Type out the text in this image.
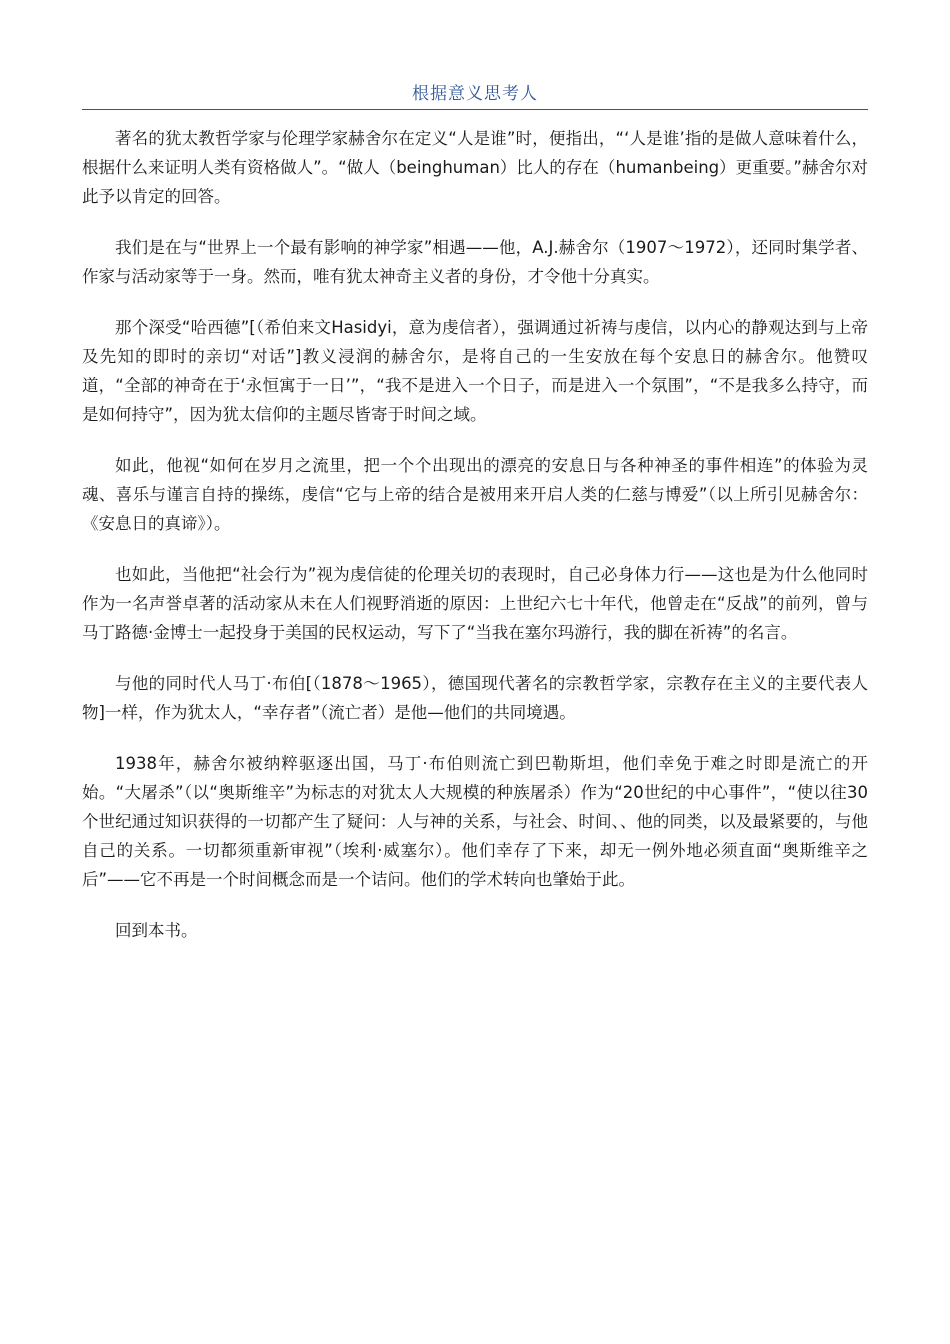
根据意义思考人

著名的犹太教哲学家与伦理学家赫舍尔在定义“人是谁”时，便指出，“‘人是谁’指的是做人意味着什么，根据什么来证明人类有资格做人”。“做人（beinghuman）比人的存在（humanbeing）更重要。”赫舍尔对此予以肯定的回答。

我们是在与“世界上一个最有影响的神学家”相遇——他，A.J.赫舍尔（1907～1972），还同时集学者、作家与活动家等于一身。然而，唯有犹太神奇主义者的身份，才令他十分真实。

那个深受“哈西德”[（希伯来文Hasidyi，意为虔信者），强调通过祈祷与虔信，以内心的静观达到与上帝及先知的即时的亲切“对话”]教义浸润的赫舍尔，是将自己的一生安放在每个安息日的赫舍尔。他赞叹道，“全部的神奇在于‘永恒寓于一日’”，“我不是进入一个日子，而是进入一个氛围”，“不是我多么持守，而是如何持守”，因为犹太信仰的主题尽皆寄于时间之域。

如此，他视“如何在岁月之流里，把一个个出现出的漂亮的安息日与各种神圣的事件相连”的体验为灵魂、喜乐与谨言自持的操练，虔信“它与上帝的结合是被用来开启人类的仁慈与博爱”（以上所引见赫舍尔：《安息日的真谛》）。

也如此，当他把“社会行为”视为虔信徒的伦理关切的表现时，自己必身体力行——这也是为什么他同时作为一名声誉卓著的活动家从未在人们视野消逝的原因：上世纪六七十年代，他曾走在“反战”的前列，曾与马丁路德·金博士一起投身于美国的民权运动，写下了“当我在塞尔玛游行，我的脚在祈祷”的名言。

与他的同时代人马丁·布伯[（1878～1965），德国现代著名的宗教哲学家，宗教存在主义的主要代表人物]一样，作为犹太人，“幸存者”（流亡者）是他—他们的共同境遇。

1938年，赫舍尔被纳粹驱逐出国，马丁·布伯则流亡到巴勒斯坦，他们幸免于难之时即是流亡的开始。“大屠杀”（以“奥斯维辛”为标志的对犹太人大规模的种族屠杀）作为“20世纪的中心事件”，“使以往30个世纪通过知识获得的一切都产生了疑问：人与神的关系，与社会、时间、、他的同类，以及最紧要的，与他自己的关系。一切都须重新审视”（埃利·威塞尔）。他们幸存了下来，却无一例外地必须直面“奥斯维辛之后”——它不再是一个时间概念而是一个诘问。他们的学术转向也肇始于此。

回到本书。
